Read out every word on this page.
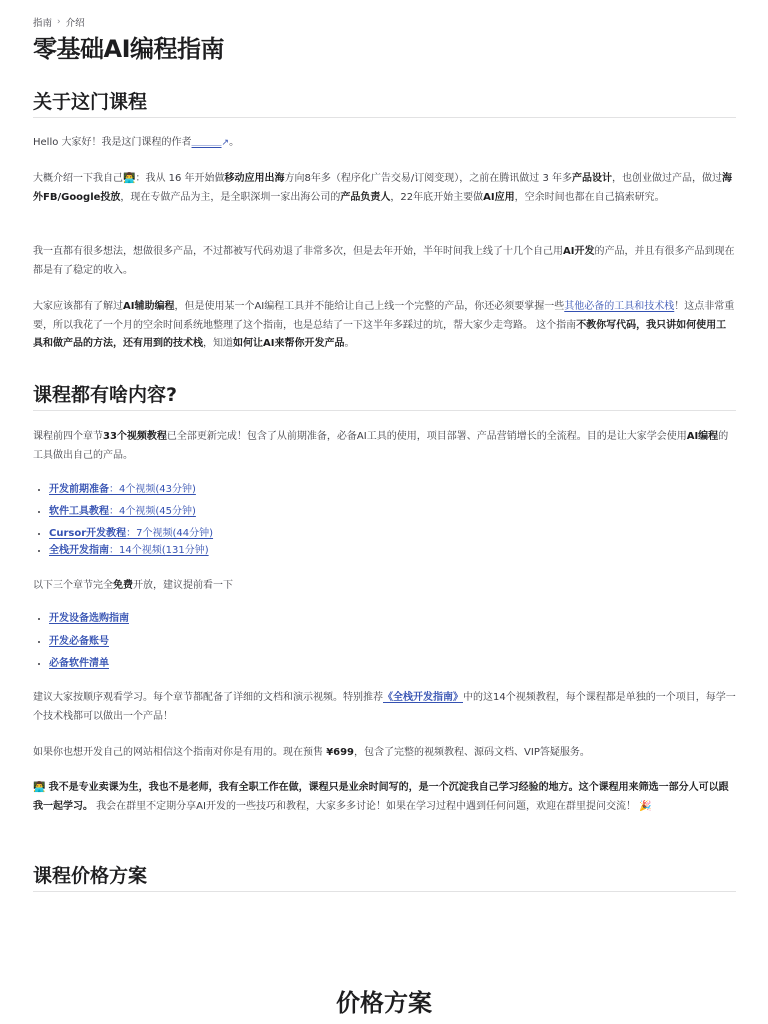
指南 › 介绍
零基础AI编程指南
关于这门课程
Hello 大家好！我是这门课程的作者＿＿＿↗。
大概介绍一下我自己👨‍💻：我从 16 年开始做移动应用出海方向8年多（程序化广告交易/订阅变现），之前在腾讯做过 3 年多产品设计，也创业做过产品，做过海外FB/Google投放，现在专做产品为主，是全职深圳一家出海公司的产品负责人，22年底开始主要做AI应用，空余时间也都在自己搞索研究。
我一直都有很多想法，想做很多产品，不过都被写代码劝退了非常多次，但是去年开始，半年时间我上线了十几个自己用AI开发的产品，并且有很多产品到现在都是有了稳定的收入。
大家应该都有了解过AI辅助编程，但是使用某一个AI编程工具并不能给让自己上线一个完整的产品，你还必须要掌握一些其他必备的工具和技术栈！这点非常重要，所以我花了一个月的空余时间系统地整理了这个指南，也是总结了一下这半年多踩过的坑，帮大家少走弯路。 这个指南不教你写代码，我只讲如何使用工具和做产品的方法，还有用到的技术栈，知道如何让AI来帮你开发产品。
课程都有啥内容?
课程前四个章节33个视频教程已全部更新完成！包含了从前期准备，必备AI工具的使用，项目部署、产品营销增长的全流程。目的是让大家学会使用AI编程的工具做出自己的产品。
• 开发前期准备：4个视频(43分钟)
• 软件工具教程：4个视频(45分钟)
• Cursor开发教程：7个视频(44分钟)
• 全栈开发指南：14个视频(131分钟)
以下三个章节完全免费开放，建议提前看一下
• 开发设备选购指南
• 开发必备账号
• 必备软件清单
建议大家按顺序观看学习。每个章节都配备了详细的文档和演示视频。特别推荐《全栈开发指南》中的这14个视频教程，每个课程都是单独的一个项目，每学一个技术栈都可以做出一个产品！
如果你也想开发自己的网站相信这个指南对你是有用的。现在预售 ¥699，包含了完整的视频教程、源码文档、VIP答疑服务。
👨‍💻 我不是专业卖课为生，我也不是老师，我有全职工作在做，课程只是业余时间写的，是一个沉淀我自己学习经验的地方。这个课程用来筛选一部分人可以跟我一起学习。 我会在群里不定期分享AI开发的一些技巧和教程，大家多多讨论！如果在学习过程中遇到任何问题，欢迎在群里提问交流！ 🎉
课程价格方案
价格方案
